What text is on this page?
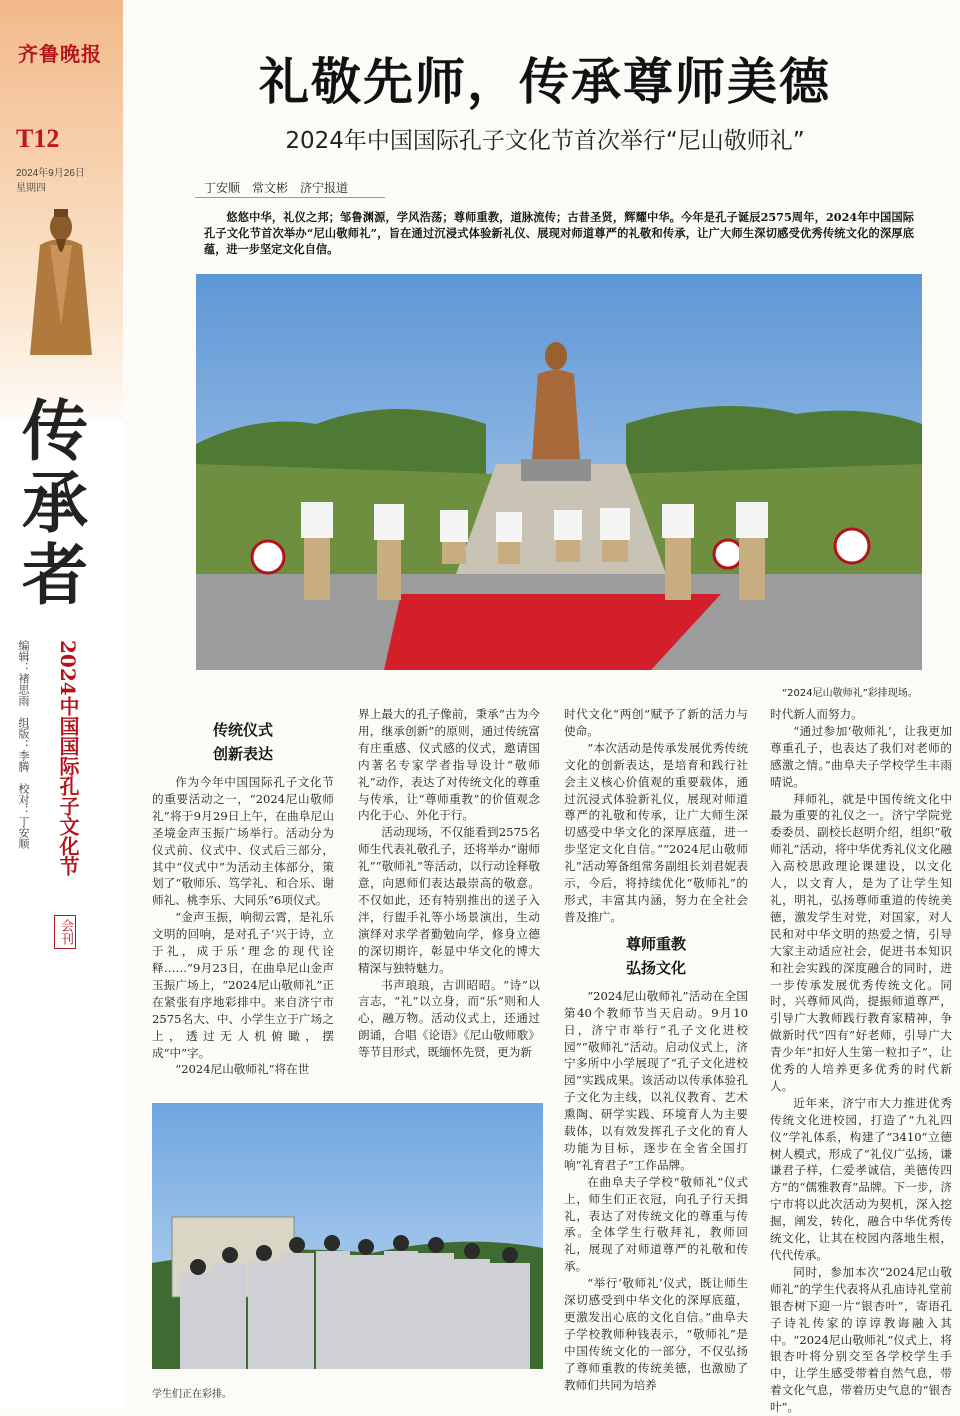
齐鲁晚报
T12
2024年9月26日
星期四
传
承
者
编辑：褚思雨　组版：李腾　校对：丁安顺	2024中国国际孔子文化节
会刊
礼敬先师，传承尊师美德
2024年中国国际孔子文化节首次举行“尼山敬师礼”
丁安顺　常文彬　济宁报道
悠悠中华，礼仪之邦；邹鲁渊源，学风浩荡；尊师重教，道脉流传；古昔圣贤，辉耀中华。今年是孔子诞辰2575周年，2024年中国国际孔子文化节首次举办“尼山敬师礼”，旨在通过沉浸式体验新礼仪、展现对师道尊严的礼敬和传承，让广大师生深切感受优秀传统文化的深厚底蕴，进一步坚定文化自信。
“2024尼山敬师礼”彩排现场。
传统仪式
创新表达

作为今年中国国际孔子文化节的重要活动之一，“2024尼山敬师礼”将于9月29日上午，在曲阜尼山圣境金声玉振广场举行。活动分为仪式前、仪式中、仪式后三部分，其中“仪式中”为活动主体部分，策划了“敬师乐、笃学礼、和合乐、谢师礼、桃李乐、大同乐”6项仪式。

“金声玉振，响彻云霄，是礼乐文明的回响，是对孔子‘兴于诗，立于礼，成于乐’理念的现代诠释……”9月23日，在曲阜尼山金声玉振广场上，“2024尼山敬师礼”正在紧张有序地彩排中。来自济宁市2575名大、中、小学生立于广场之上，透过无人机俯瞰，摆成“中”字。

“2024尼山敬师礼”将在世

界上最大的孔子像前，秉承“古为今用，继承创新”的原则，通过传统富有庄重感、仪式感的仪式，邀请国内著名专家学者指导设计“敬师礼”动作，表达了对传统文化的尊重与传承，让“尊师重教”的价值观念内化于心、外化于行。

活动现场，不仅能看到2575名师生代表礼敬孔子，还将举办“谢师礼”“敬师礼”等活动，以行动诠释敬意，向恩师们表达最崇高的敬意。不仅如此，还有特别推出的送子入泮，行盥手礼等小场景演出，生动演绎对求学者勤勉向学，修身立德的深切期许，彰显中华文化的博大精深与独特魅力。

书声琅琅，古训昭昭。“诗”以言志，“礼”以立身，而“乐”则和人心，融万物。活动仪式上，还通过朗诵，合唱《论语》《尼山敬师歌》等节目形式，既缅怀先贤，更为新

学生们正在彩排。

时代文化“两创”赋予了新的活力与使命。

“本次活动是传承发展优秀传统文化的创新表达，是培育和践行社会主义核心价值观的重要载体，通过沉浸式体验新礼仪，展现对师道尊严的礼敬和传承，让广大师生深切感受中华文化的深厚底蕴，进一步坚定文化自信。”“2024尼山敬师礼”活动筹备组常务副组长刘君妮表示，今后，将持续优化“敬师礼”的形式，丰富其内涵，努力在全社会普及推广。

尊师重教
弘扬文化

“2024尼山敬师礼”活动在全国第40个教师节当天启动。9月10日，济宁市举行“孔子文化进校园”“敬师礼”活动。启动仪式上，济宁多所中小学展现了“孔子文化进校园”实践成果。该活动以传承体验孔子文化为主线，以礼仪教育、艺术熏陶、研学实践、环境育人为主要载体，以有效发挥孔子文化的育人功能为目标，逐步在全省全国打响“礼育君子”工作品牌。

在曲阜夫子学校“敬师礼”仪式上，师生们正衣冠，向孔子行天揖礼，表达了对传统文化的尊重与传承。全体学生行敬拜礼，教师回礼，展现了对师道尊严的礼敬和传承。

“举行‘敬师礼’仪式，既让师生深切感受到中华文化的深厚底蕴，更激发出心底的文化自信。”曲阜夫子学校教师种钱表示，“敬师礼”是中国传统文化的一部分，不仅弘扬了尊师重教的传统美德，也激励了教师们共同为培养

时代新人而努力。

“通过参加‘敬师礼’，让我更加尊重孔子，也表达了我们对老师的感激之情。”曲阜夫子学校学生丰雨晴说。

拜师礼，就是中国传统文化中最为重要的礼仪之一。济宁学院党委委员、副校长赵明介绍，组织“敬师礼”活动，将中华优秀礼仪文化融入高校思政理论课建设，以文化人，以文育人，是为了让学生知礼，明礼，弘扬尊师重道的传统美德，激发学生对党，对国家，对人民和对中华文明的热爱之情，引导大家主动适应社会，促进书本知识和社会实践的深度融合的同时，进一步传承发展优秀传统文化。同时，兴尊师风尚，提振师道尊严，引导广大教师践行教育家精神，争做新时代“四有”好老师，引导广大青少年“扣好人生第一粒扣子”，让优秀的人培养更多优秀的时代新人。

近年来，济宁市大力推进优秀传统文化进校园，打造了“九礼四仪”学礼体系，构建了“3410”立德树人模式，形成了“礼仪广弘扬，谦谦君子样，仁爱孝诚信，美德传四方”的“儒雅教育”品牌。下一步，济宁市将以此次活动为契机，深入挖掘，阐发，转化，融合中华优秀传统文化，让其在校园内落地生根，代代传承。

同时，参加本次“2024尼山敬师礼”的学生代表将从孔庙诗礼堂前银杏树下迎一片“银杏叶”，寄语孔子诗礼传家的谆谆教诲融入其中。“2024尼山敬师礼”仪式上，将银杏叶将分别交至各学校学生手中，让学生感受带着自然气息，带着文化气息，带着历史气息的“银杏叶”。
